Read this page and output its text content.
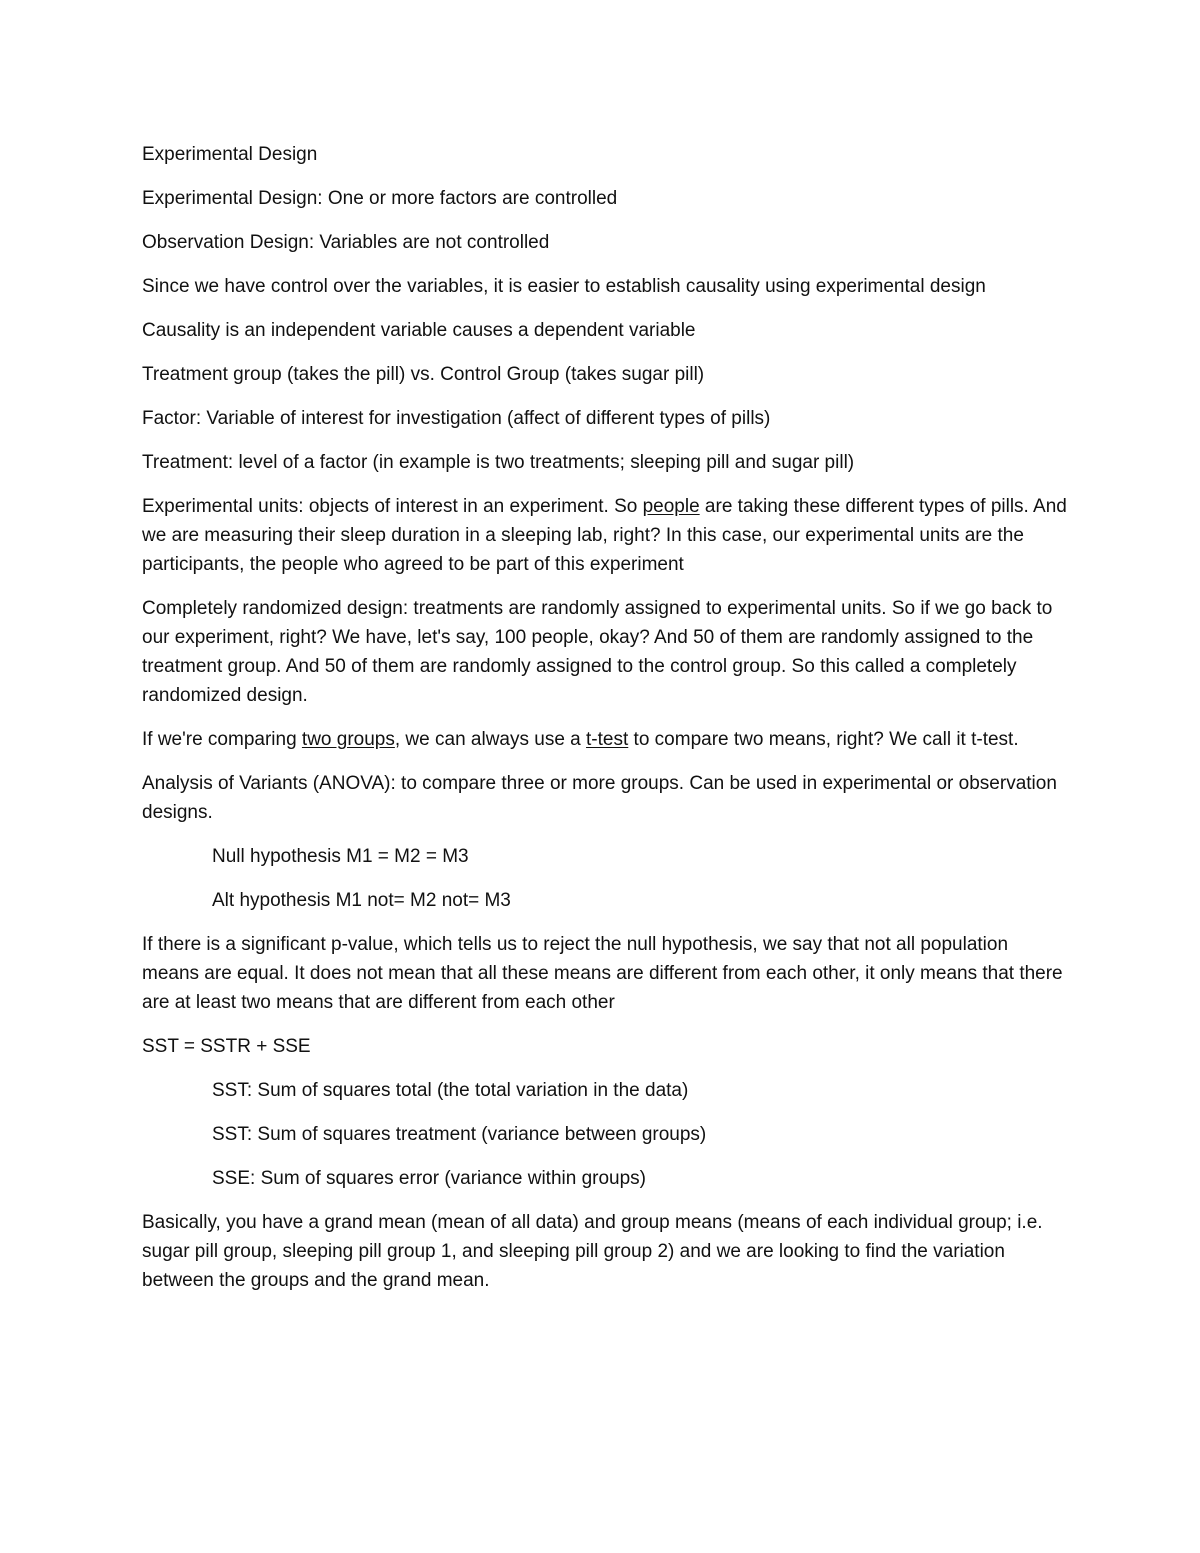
Experimental Design

Experimental Design: One or more factors are controlled

Observation Design: Variables are not controlled

Since we have control over the variables, it is easier to establish causality using experimental design

Causality is an independent variable causes a dependent variable

Treatment group (takes the pill) vs. Control Group (takes sugar pill)

Factor: Variable of interest for investigation (affect of different types of pills)

Treatment: level of a factor (in example is two treatments; sleeping pill and sugar pill)

Experimental units: objects of interest in an experiment. So people are taking these different types of pills. And we are measuring their sleep duration in a sleeping lab, right? In this case, our experimental units are the participants, the people who agreed to be part of this experiment

Completely randomized design: treatments are randomly assigned to experimental units. So if we go back to our experiment, right? We have, let's say, 100 people, okay? And 50 of them are randomly assigned to the treatment group. And 50 of them are randomly assigned to the control group. So this called a completely randomized design.

If we're comparing two groups, we can always use a t-test to compare two means, right? We call it t-test.

Analysis of Variants (ANOVA): to compare three or more groups. Can be used in experimental or observation designs.

Null hypothesis M1 = M2 = M3

Alt hypothesis M1 not= M2 not= M3

If there is a significant p-value, which tells us to reject the null hypothesis, we say that not all population means are equal. It does not mean that all these means are different from each other, it only means that there are at least two means that are different from each other

SST = SSTR + SSE

SST: Sum of squares total (the total variation in the data)

SST: Sum of squares treatment (variance between groups)

SSE: Sum of squares error (variance within groups)

Basically, you have a grand mean (mean of all data) and group means (means of each individual group; i.e. sugar pill group, sleeping pill group 1, and sleeping pill group 2) and we are looking to find the variation between the groups and the grand mean.
